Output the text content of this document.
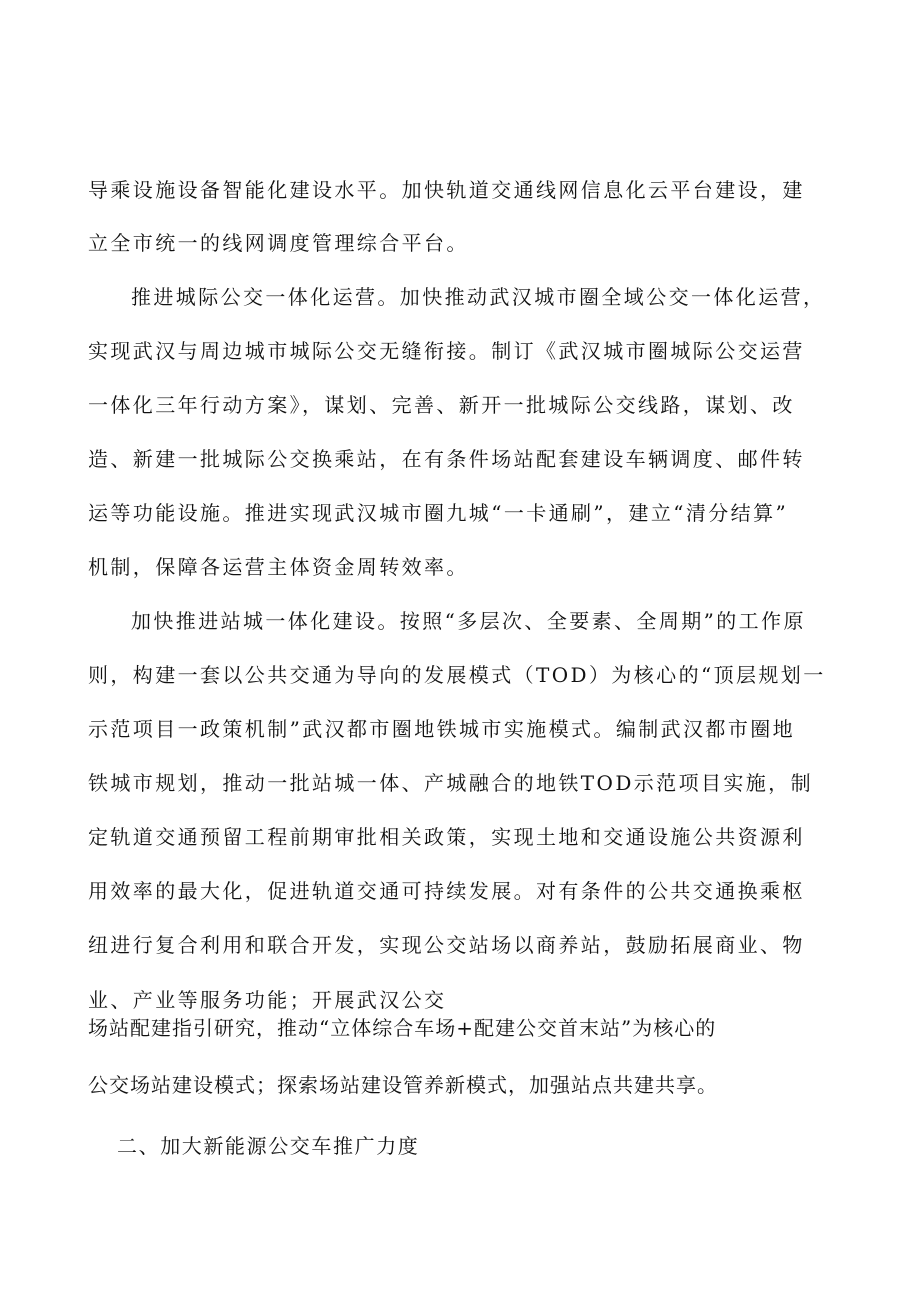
导乘设施设备智能化建设水平。加快轨道交通线网信息化云平台建设，建
立全市统一的线网调度管理综合平台。
推进城际公交一体化运营。加快推动武汉城市圈全域公交一体化运营，
实现武汉与周边城市城际公交无缝衔接。制订《武汉城市圈城际公交运营
一体化三年行动方案》，谋划、完善、新开一批城际公交线路，谋划、改
造、新建一批城际公交换乘站，在有条件场站配套建设车辆调度、邮件转
运等功能设施。推进实现武汉城市圈九城“一卡通刷”，建立“清分结算”
机制，保障各运营主体资金周转效率。
加快推进站城一体化建设。按照“多层次、全要素、全周期”的工作原
则，构建一套以公共交通为导向的发展模式（TOD）为核心的“顶层规划一
示范项目一政策机制”武汉都市圈地铁城市实施模式。编制武汉都市圈地
铁城市规划，推动一批站城一体、产城融合的地铁TOD示范项目实施，制
定轨道交通预留工程前期审批相关政策，实现土地和交通设施公共资源利
用效率的最大化，促进轨道交通可持续发展。对有条件的公共交通换乘枢
纽进行复合利用和联合开发，实现公交站场以商养站，鼓励拓展商业、物
业、产业等服务功能；开展武汉公交
场站配建指引研究，推动“立体综合车场+配建公交首末站”为核心的
公交场站建设模式；探索场站建设管养新模式，加强站点共建共享。
二、加大新能源公交车推广力度
